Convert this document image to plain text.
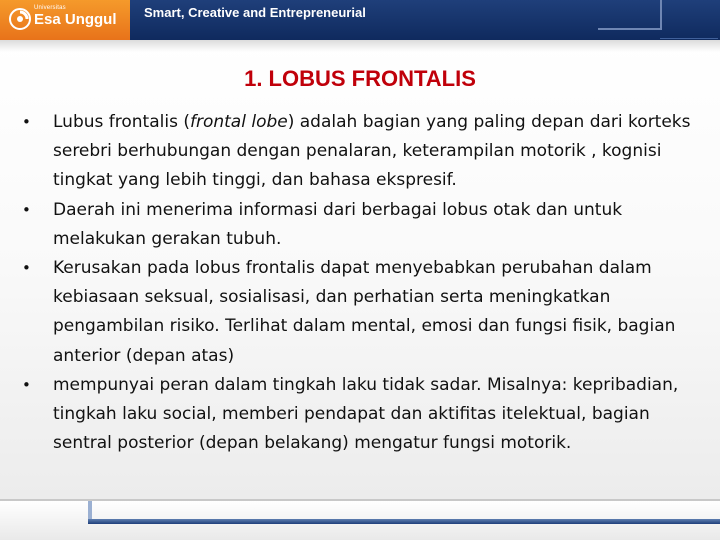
Universitas
Esa Unggul Smart, Creative and Entrepreneurial
1. LOBUS FRONTALIS
•	Lubus frontalis (frontal lobe) adalah bagian yang paling depan dari korteks serebri berhubungan dengan penalaran, keterampilan motorik , kognisi tingkat yang lebih tinggi, dan bahasa ekspresif.
•	Daerah ini menerima informasi dari berbagai lobus otak dan untuk melakukan gerakan tubuh.
•	Kerusakan pada lobus frontalis dapat menyebabkan perubahan dalam kebiasaan seksual, sosialisasi, dan perhatian serta meningkatkan pengambilan risiko. Terlihat dalam mental, emosi dan fungsi fisik, bagian anterior (depan atas)
•	mempunyai peran dalam tingkah laku tidak sadar. Misalnya: kepribadian, tingkah laku social, memberi pendapat dan aktifitas itelektual, bagian sentral posterior (depan belakang) mengatur fungsi motorik.
